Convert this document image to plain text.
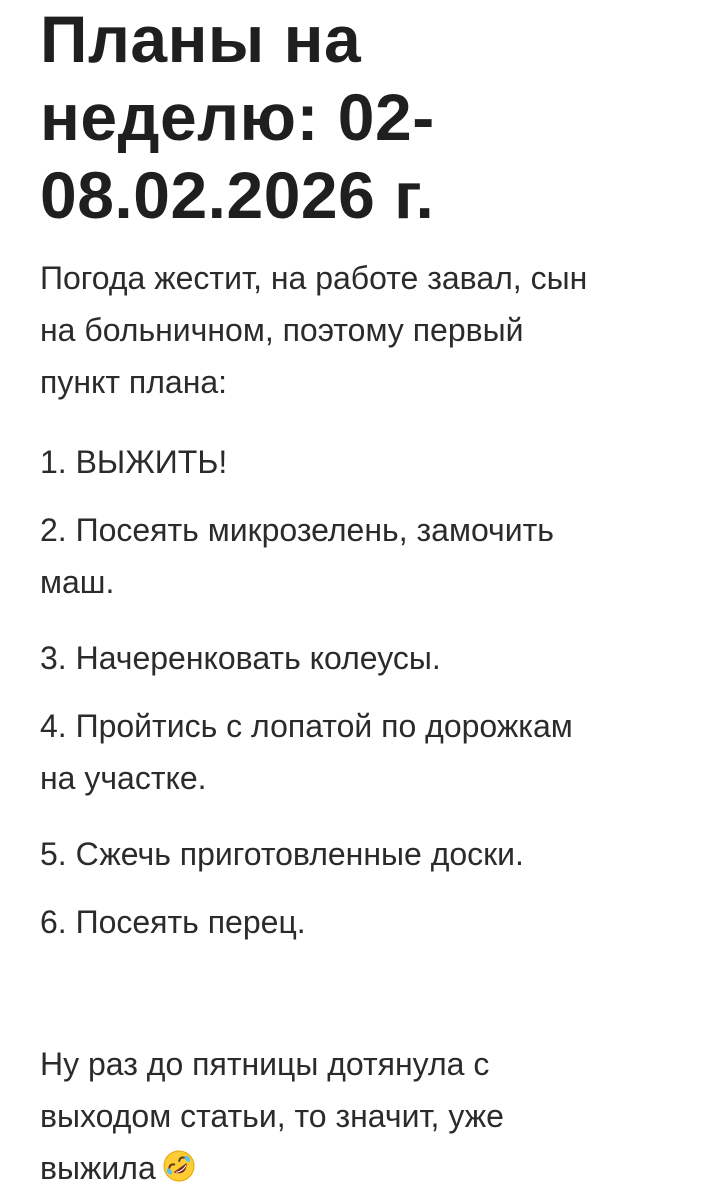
Планы на
неделю: 02-
08.02.2026 г.

Погода жестит, на работе завал, сын
на больничном, поэтому первый
пункт плана:

1. ВЫЖИТЬ!

2. Посеять микрозелень, замочить
маш.

3. Начеренковать колеусы.

4. Пройтись с лопатой по дорожкам
на участке.

5. Сжечь приготовленные доски.

6. Посеять перец.

Ну раз до пятницы дотянула с
выходом статьи, то значит, уже
выжила
